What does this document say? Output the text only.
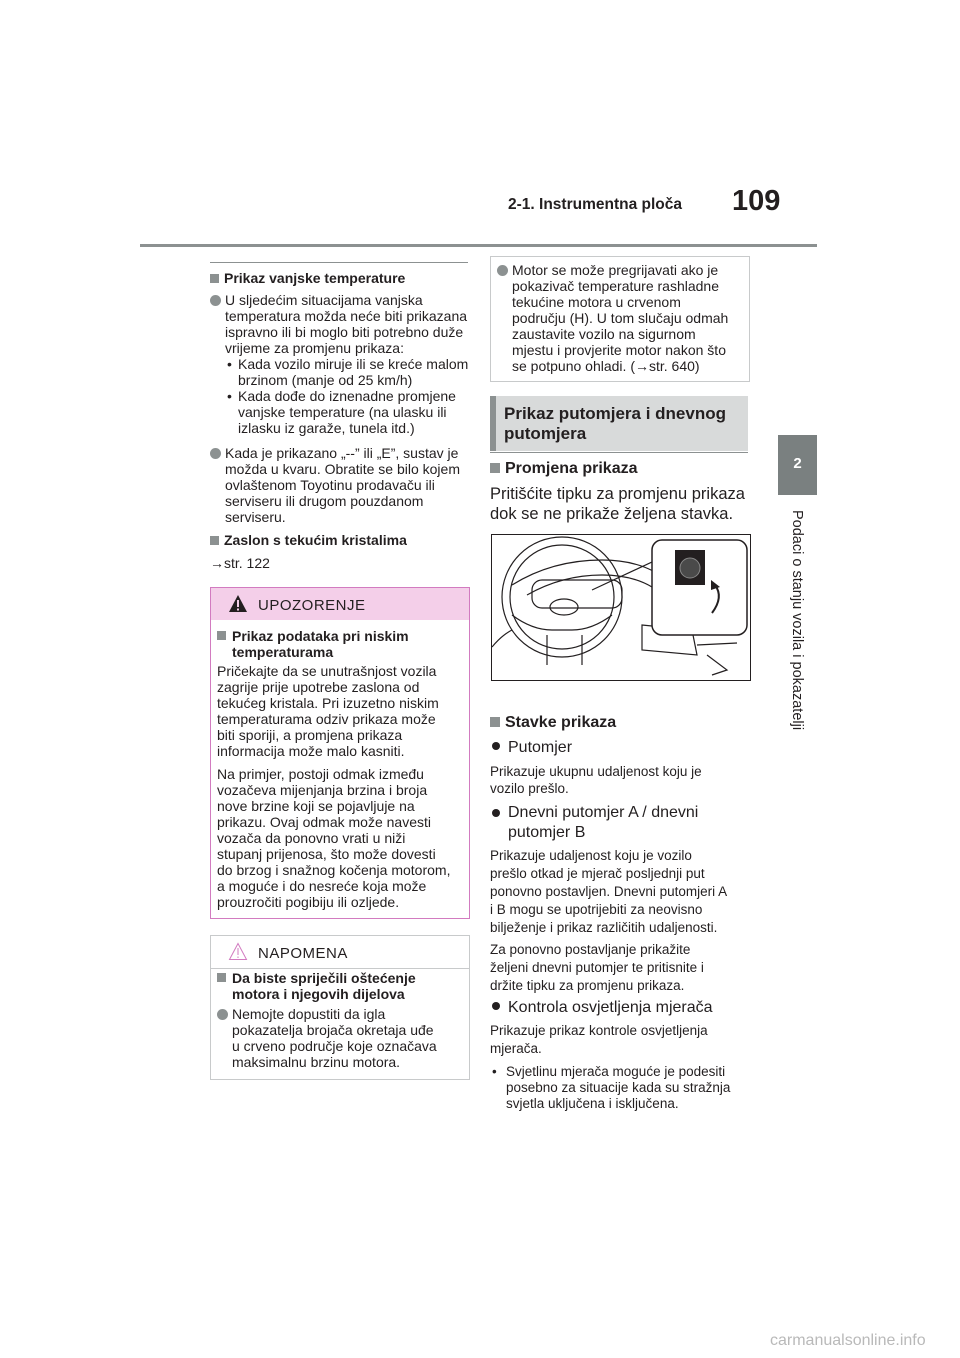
2-1. Instrumentna ploča 109
2
Podaci o stanju vozila i pokazatelji
Prikaz vanjske temperature
U sljedećim situacijama vanjska
temperatura možda neće biti prikazana
ispravno ili bi moglo biti potrebno duže
vrijeme za promjenu prikaza:
• Kada vozilo miruje ili se kreće malom
brzinom (manje od 25 km/h)
• Kada dođe do iznenadne promjene
vanjske temperature (na ulasku ili
izlasku iz garaže, tunela itd.)
Kada je prikazano „--” ili „E”, sustav je
možda u kvaru. Obratite se bilo kojem
ovlaštenom Toyotinu prodavaču ili
serviseru ili drugom pouzdanom
serviseru.
Zaslon s tekućim kristalima
→str. 122
UPOZORENJE
Prikaz podataka pri niskim
temperaturama
Pričekajte da se unutrašnjost vozila
zagrije prije upotrebe zaslona od
tekućeg kristala. Pri izuzetno niskim
temperaturama odziv prikaza može
biti sporiji, a promjena prikaza
informacija može malo kasniti.
Na primjer, postoji odmak između
vozačeva mijenjanja brzina i broja
nove brzine koji se pojavljuje na
prikazu. Ovaj odmak može navesti
vozača da ponovno vrati u niži
stupanj prijenosa, što može dovesti
do brzog i snažnog kočenja motorom,
a moguće i do nesreće koja može
prouzročiti pogibiju ili ozljede.
NAPOMENA
Da biste spriječili oštećenje
motora i njegovih dijelova
Nemojte dopustiti da igla
pokazatelja brojača okretaja uđe
u crveno područje koje označava
maksimalnu brzinu motora.
Motor se može pregrijavati ako je
pokazivač temperature rashladne
tekućine motora u crvenom
području (H). U tom slučaju odmah
zaustavite vozilo na sigurnom
mjestu i provjerite motor nakon što
se potpuno ohladi. (→str. 640)
Prikaz putomjera i dnevnog
putomjera
Promjena prikaza
Pritišćite tipku za promjenu prikaza
dok se ne prikaže željena stavka.
Stavke prikaza
Putomjer
Prikazuje ukupnu udaljenost koju je
vozilo prešlo.
Dnevni putomjer A / dnevni
putomjer B
Prikazuje udaljenost koju je vozilo
prešlo otkad je mjerač posljednji put
ponovno postavljen. Dnevni putomjeri A
i B mogu se upotrijebiti za neovisno
bilježenje i prikaz različitih udaljenosti.
Za ponovno postavljanje prikažite
željeni dnevni putomjer te pritisnite i
držite tipku za promjenu prikaza.
Kontrola osvjetljenja mjerača
Prikazuje prikaz kontrole osvjetljenja
mjerača.
• Svjetlinu mjerača moguće je podesiti
posebno za situacije kada su stražnja
svjetla uključena i isključena.
carmanualsonline.info
